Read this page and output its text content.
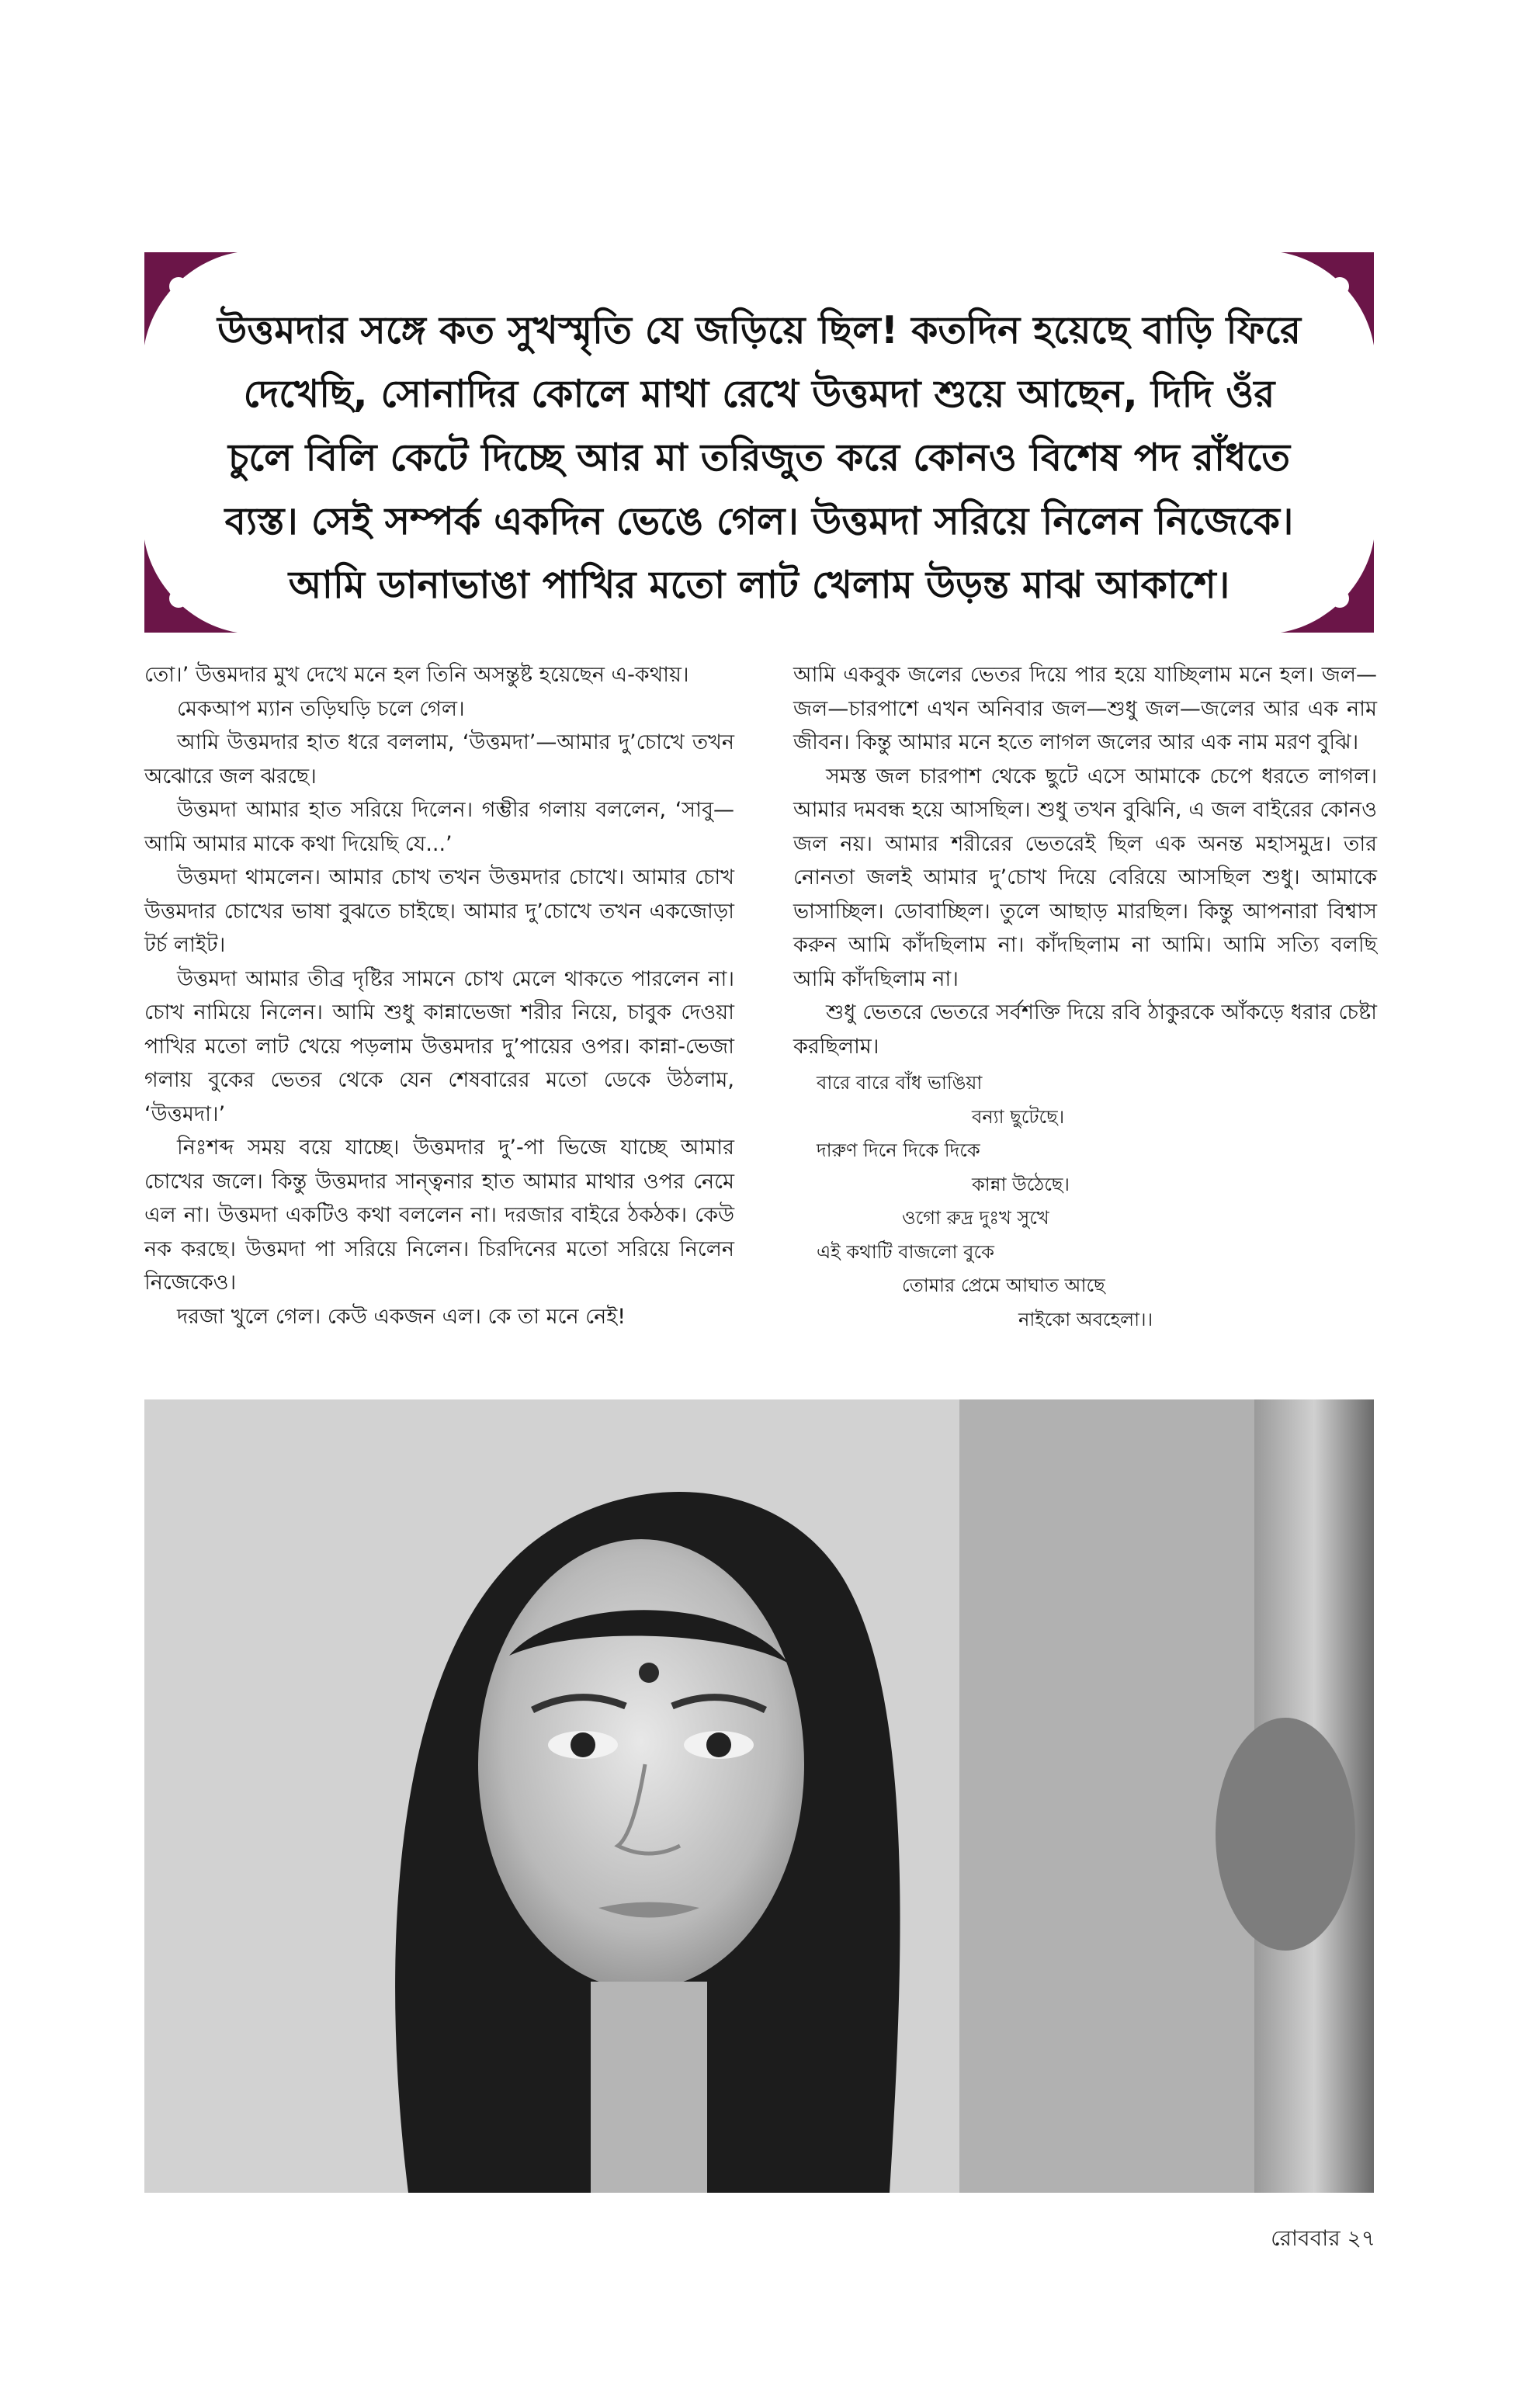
উত্তমদার সঙ্গে কত সুখস্মৃতি যে জড়িয়ে ছিল! কতদিন হয়েছে বাড়ি ফিরে
দেখেছি, সোনাদির কোলে মাথা রেখে উত্তমদা শুয়ে আছেন, দিদি ওঁর
চুলে বিলি কেটে দিচ্ছে আর মা তরিজুত করে কোনও বিশেষ পদ রাঁধতে
ব্যস্ত। সেই সম্পর্ক একদিন ভেঙে গেল। উত্তমদা সরিয়ে নিলেন নিজেকে।
আমি ডানাভাঙা পাখির মতো লাট খেলাম উড়ন্ত মাঝ আকাশে।

তো।’ উত্তমদার মুখ দেখে মনে হল তিনি অসন্তুষ্ট হয়েছেন এ-কথায়।

মেকআপ ম্যান তড়িঘড়ি চলে গেল।

আমি উত্তমদার হাত ধরে বললাম, ‘উত্তমদা’—আমার দু’চোখে তখন অঝোরে জল ঝরছে।

উত্তমদা আমার হাত সরিয়ে দিলেন। গম্ভীর গলায় বললেন, ‘সাবু—আমি আমার মাকে কথা দিয়েছি যে...’

উত্তমদা থামলেন। আমার চোখ তখন উত্তমদার চোখে। আমার চোখ উত্তমদার চোখের ভাষা বুঝতে চাইছে। আমার দু’চোখে তখন একজোড়া টর্চ লাইট।

উত্তমদা আমার তীব্র দৃষ্টির সামনে চোখ মেলে থাকতে পারলেন না। চোখ নামিয়ে নিলেন। আমি শুধু কান্নাভেজা শরীর নিয়ে, চাবুক দেওয়া পাখির মতো লাট খেয়ে পড়লাম উত্তমদার দু’পায়ের ওপর। কান্না-ভেজা গলায় বুকের ভেতর থেকে যেন শেষবারের মতো ডেকে উঠলাম, ‘উত্তমদা।’

নিঃশব্দ সময় বয়ে যাচ্ছে। উত্তমদার দু’-পা ভিজে যাচ্ছে আমার চোখের জলে। কিন্তু উত্তমদার সান্ত্বনার হাত আমার মাথার ওপর নেমে এল না। উত্তমদা একটিও কথা বললেন না। দরজার বাইরে ঠকঠক। কেউ নক করছে। উত্তমদা পা সরিয়ে নিলেন। চিরদিনের মতো সরিয়ে নিলেন নিজেকেও।

দরজা খুলে গেল। কেউ একজন এল। কে তা মনে নেই!

আমি একবুক জলের ভেতর দিয়ে পার হয়ে যাচ্ছিলাম মনে হল। জল—জল—চারপাশে এখন অনিবার জল—শুধু জল—জলের আর এক নাম জীবন। কিন্তু আমার মনে হতে লাগল জলের আর এক নাম মরণ বুঝি।

সমস্ত জল চারপাশ থেকে ছুটে এসে আমাকে চেপে ধরতে লাগল। আমার দমবন্ধ হয়ে আসছিল। শুধু তখন বুঝিনি, এ জল বাইরের কোনও জল নয়। আমার শরীরের ভেতরেই ছিল এক অনন্ত মহাসমুদ্র। তার নোনতা জলই আমার দু’চোখ দিয়ে বেরিয়ে আসছিল শুধু। আমাকে ভাসাচ্ছিল। ডোবাচ্ছিল। তুলে আছাড় মারছিল। কিন্তু আপনারা বিশ্বাস করুন আমি কাঁদছিলাম না। কাঁদছিলাম না আমি। আমি সত্যি বলছি আমি কাঁদছিলাম না।

শুধু ভেতরে ভেতরে সর্বশক্তি দিয়ে রবি ঠাকুরকে আঁকড়ে ধরার চেষ্টা করছিলাম।

বারে বারে বাঁধ ভাঙিয়া
বন্যা ছুটেছে।
দারুণ দিনে দিকে দিকে
কান্না উঠেছে।
ওগো রুদ্র দুঃখ সুখে
এই কথাটি বাজলো বুকে
তোমার প্রেমে আঘাত আছে
নাইকো অবহেলা।।
রোববার ২৭
